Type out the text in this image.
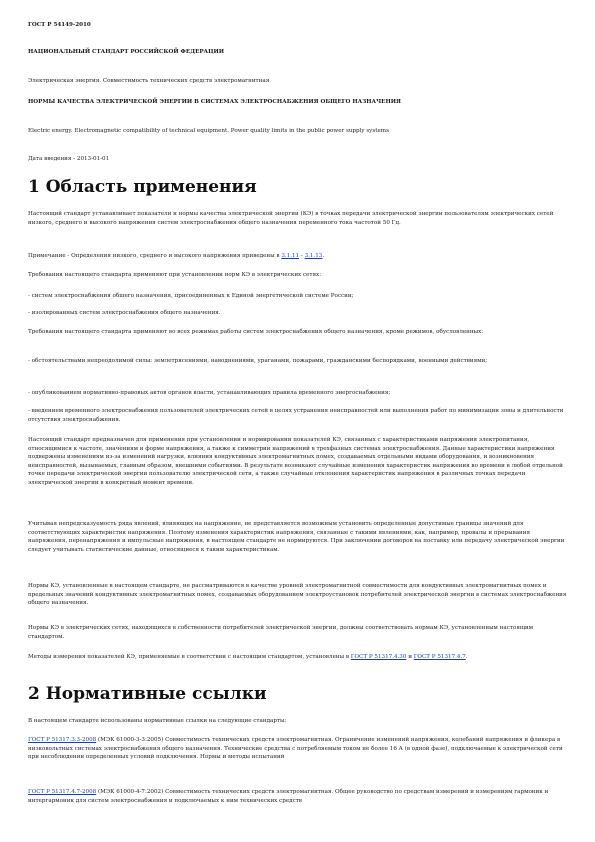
ГОСТ Р 54149-2010

НАЦИОНАЛЬНЫЙ СТАНДАРТ РОССИЙСКОЙ ФЕДЕРАЦИИ

Электрическая энергия. Совместимость технических средств электромагнитная

НОРМЫ КАЧЕСТВА ЭЛЕКТРИЧЕСКОЙ ЭНЕРГИИ В СИСТЕМАХ ЭЛЕКТРОСНАБЖЕНИЯ ОБЩЕГО НАЗНАЧЕНИЯ

Electric energy. Electromagnetic compatibility of technical equipment. Power quality limits in the public power supply systems

Дата введения - 2013-01-01

1 Область применения

Настоящий стандарт устанавливает показатели и нормы качества электрической энергии (КЭ) в точках передачи электрической энергии пользователям электрических сетей низкого, среднего и высокого напряжения систем электроснабжения общего назначения переменного тока частотой 50 Гц.

Примечание - Определения низкого, среднего и высокого напряжения приведены в 3.1.11 - 3.1.13.

Требования настоящего стандарта применяют при установлении норм КЭ в электрических сетях:

- систем электроснабжения общего назначения, присоединенных к Единой энергетической системе России;

- изолированных систем электроснабжения общего назначения.

Требования настоящего стандарта применяют во всех режимах работы систем электроснабжения общего назначения, кроме режимов, обусловленных:

- обстоятельствами непреодолимой силы: землетрясениями, наводнениями, ураганами, пожарами, гражданскими беспорядками, военными действиями;

- опубликованием нормативно-правовых актов органов власти, устанавливающих правила временного энергоснабжения;

- введением временного электроснабжения пользователей электрических сетей в целях устранения неисправностей или выполнения работ по минимизации зоны и длительности отсутствия электроснабжения.

Настоящий стандарт предназначен для применения при установлении и нормировании показателей КЭ, связанных с характеристиками напряжения электропитания, относящимися к частоте, значениям и форме напряжения, а также к симметрии напряжений в трехфазных системах электроснабжения. Данные характеристики напряжения подвержены изменениям из-за изменений нагрузки, влияния кондуктивных электромагнитных помех, создаваемых отдельными видами оборудования, и возникновения неисправностей, вызываемых, главным образом, внешними событиями. В результате возникают случайные изменения характеристик напряжения во времени в любой отдельной точке передачи электрической энергии пользователю электрической сети, а также случайные отклонения характеристик напряжения в различных точках передачи электрической энергии в конкретный момент времени.

Учитывая непредсказуемость ряда явлений, влияющих на напряжение, не представляется возможным установить определенные допустимые границы значений для соответствующих характеристик напряжения. Поэтому изменения характеристик напряжения, связанные с такими явлениями, как, например, провалы и прерывания напряжения, перенапряжения и импульсные напряжения, в настоящем стандарте не нормируются. При заключении договоров на поставку или передачу электрической энергии следует учитывать статистические данные, относящиеся к таким характеристикам.

Нормы КЭ, установленные в настоящем стандарте, не рассматриваются в качестве уровней электромагнитной совместимости для кондуктивных электромагнитных помех и предельных значений кондуктивных электромагнитных помех, создаваемых оборудованием электроустановок потребителей электрической энергии в системах электроснабжения общего назначения.

Нормы КЭ в электрических сетях, находящихся в собственности потребителей электрической энергии, должны соответствовать нормам КЭ, установленным настоящим стандартом.

Методы измерения показателей КЭ, применяемые в соответствии с настоящим стандартом, установлены в ГОСТ Р 51317.4.30 и ГОСТ Р 51317.4.7.

2 Нормативные ссылки

В настоящем стандарте использованы нормативные ссылки на следующие стандарты:

ГОСТ Р 51317.3.3-2008 (МЭК 61000-3-3:2005) Совместимость технических средств электромагнитная. Ограничение изменений напряжения, колебаний напряжения и фликера в низковольтных системах электроснабжения общего назначения. Технические средства с потребляемым током не более 16 А (в одной фазе), подключаемые к электрической сети при несоблюдении определенных условий подключения. Нормы и методы испытаний

ГОСТ Р 51317.4.7-2008 (МЭК 61000-4-7:2002) Совместимость технических средств электромагнитная. Общее руководство по средствам измерений и измерениям гармоник и интергармоник для систем электроснабжения и подключаемых к ним технических средств
